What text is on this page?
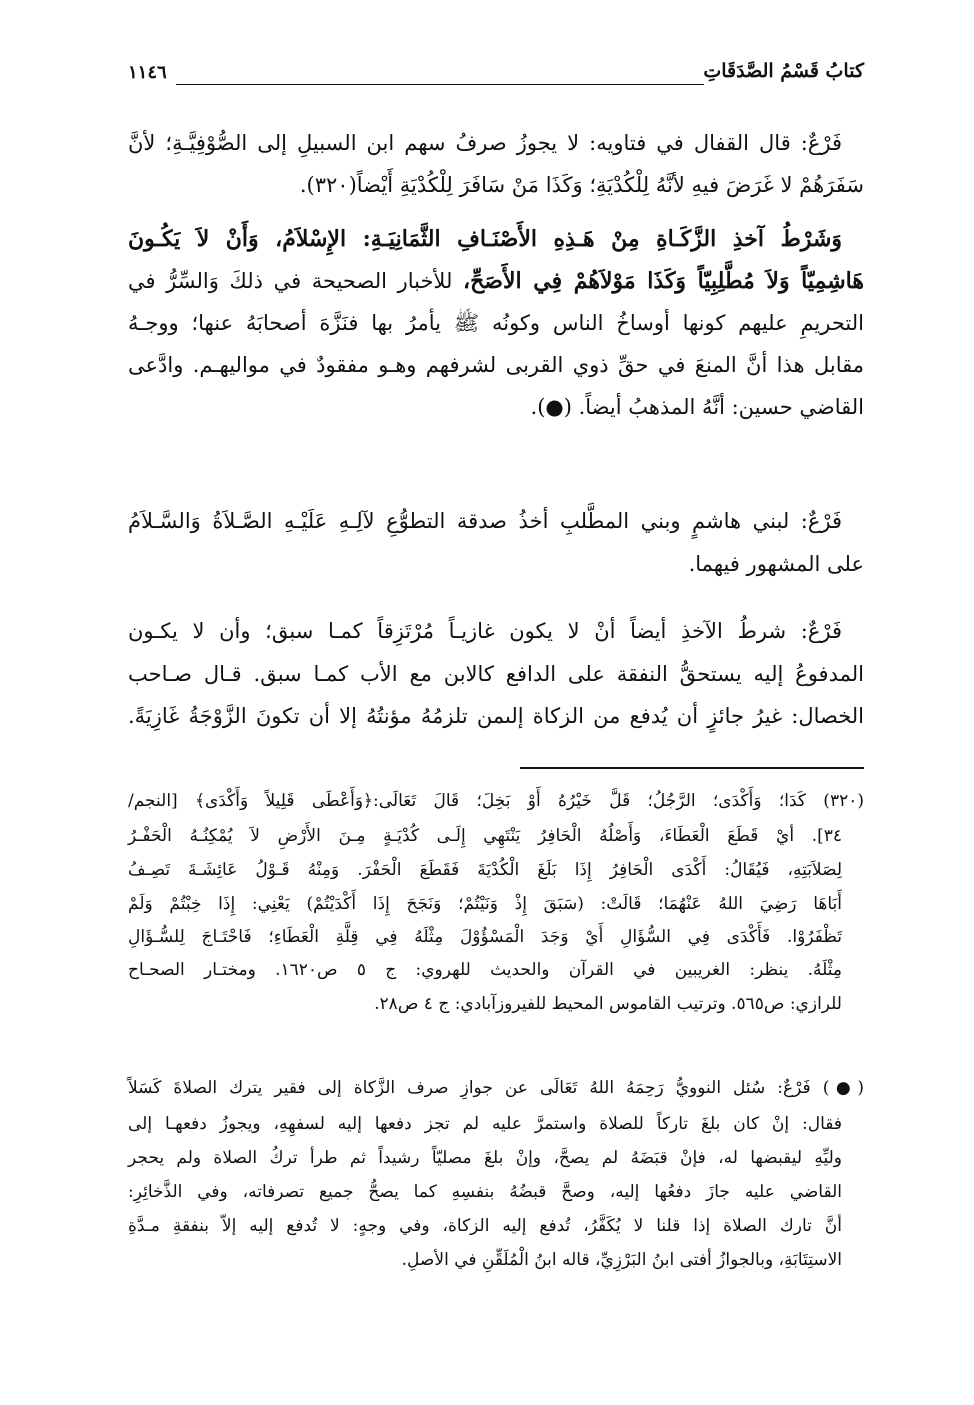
كتابُ قَسْمُ الصَّدَقَاتِ
١١٤٦
فَرْعٌ: قال القفال في فتاويه: لا يجوزُ صرفُ سهم ابن السبيلِ إلى الصُّوْفِيَّـةِ؛ لأنَّ
سَفَرَهُمْ لا غَرَضَ فيهِ لأنَّهُ لِلْكُدْيَةِ؛ وَكَذَا مَنْ سَافَرَ لِلْكُدْيَةِ أَيْضاً(٣٢٠).
وَشَرْطُ آخذِ الزَّكَـاةِ مِنْ هَـذِهِ الأَصْنَـافِ الثَّمَانِيَـةِ: الإِسْلاَمُ، وَأَنْ لاَ يَكُـونَ
هَاشِمِيّاً وَلاَ مُطَّلِبِيّاً وَكَذَا مَوْلاَهُمْ فِي الأَصَحِّ، للأخبار الصحيحة في ذلكَ وَالسِّرُّ في
التحريمِ عليهم كونها أوساخُ الناس وكونُه ﷺ يأمرُ بها فنَزَّهَ أصحابَهُ عنها؛ ووجـهُ
مقابل هذا أنَّ المنعَ في حقِّ ذوي القربى لشرفهم وهـو مفقودٌ في مواليهـم. وادَّعى
القاضي حسين: أنَّهُ المذهبُ أيضاً. (●).
فَرْعٌ: لبني هاشمٍ وبني المطَّلبِ أخذُ صدقة التطوُّعِ لآلِـهِ عَلَيْـهِ الصَّـلاَةُ وَالسَّـلاَمُ
على المشهور فيهما.
فَرْعٌ: شرطُ الآخذِ أيضاً أنْ لا يكون غازيـاً مُرْتَزِقاً كمـا سبق؛ وأن لا يكـون
المدفوعُ إليه يستحقُّ النفقة على الدافع كالابن مع الأب كمـا سبق. قـال صـاحب
الخصال: غيرُ جائزٍ أن يُدفع من الزكاة إلىمن تلزمُهُ مؤنتُهُ إلا أن تكونَ الزَّوْجَةُ غَازِيَةً.
(٣٢٠) كَدَا؛ وَأَكْدَى؛ الرَّجُلُ؛ قَلَّ خَيْرُهُ أَوْ بَخِلَ؛ قَالَ تَعَالَى:﴿وَأَعْطَى قَلِيلاً وَأَكْدَى﴾ [النجم/
٣٤]. أيْ قَطَعَ الْعَطَاءَ، وَأَصْلُهُ الْحَافِرُ يَنْتَهِي إِلَـى كُدْيَـةٍ مِـنَ الأَرْضِ لاَ يُمْكِنُـهُ الْحَفْـرُ
لِصَلاَبَتِهِ، فَيُقَالُ: أَكْدَى الْحَافِرُ إِذَا بَلَغَ الْكُدْيَةَ فَقَطَعَ الْحَفْرَ. وَمِنْهُ قَـوْلُ عَائِشَـةَ تَصِـفُ
أَبَاهَا رَضِيَ اللهُ عَنْهُمَا؛ قَالَتْ: (سَبَقَ إِذْ وَنَيْتُمْ؛ وَنَجَحَ إِذَا أَكْدَيْتُمْ) يَعْنِي: إِذَا خِبْتُمْ وَلَمْ
تَظْفَرُوْا. فَأَكْدَى فِي السُّؤَالِ أَيْ وَجَدَ الْمَسْؤُوْلَ مِثْلَهُ فِي قِلَّةِ الْعَطَاءِ؛ فَاحْتَـاجَ لِلسُّـؤَالِ
مِثْلَهُ. ينظر: الغريبين في القرآن والحديث للهروي: ج ٥ ص١٦٢٠. ومختـار الصحـاح
للرازي: ص٥٦٥. وترتيب القاموس المحيط للفيروزآبادي: ج ٤ ص٢٨.
(●) فَرْعٌ: سُئل النوويُّ رَحِمَهُ اللهُ تَعَالَى عن جوازِ صرف الزَّكاة إلى فقير يترك الصلاةَ كَسَلاً
فقال: إنْ كان بلغَ تاركاً للصلاة واستمرَّ عليه لم تجز دفعها إليه لسفهِهِ، ويجوزُ دفعهـا إلى
وليِّهِ ليقبضها له، فإنْ قبَضَهُ لم يصحَّ، وإنْ بلغَ مصليّاً رشيداً ثم طرأ تركُ الصلاة ولم يحجر
القاضي عليه جازَ دفعُها إليه، وصحَّ قبضُهُ بنفسِهِ كما يصحُّ جميع تصرفاته، وفي الذَّخائِرِ:
أنَّ تارك الصلاة إذا قلنا لا يُكَفَّرُ، تُدفع إليه الزكاة، وفي وجهٍ: لا تُدفع إليه إلاّ بنفقةِ مـدَّةِ
الاستِتَابَةِ، وبالجوازُ أفتى ابنُ البَرْزِيِّ، قاله ابنُ الْمُلَقِّنِ في الأصلِ.
